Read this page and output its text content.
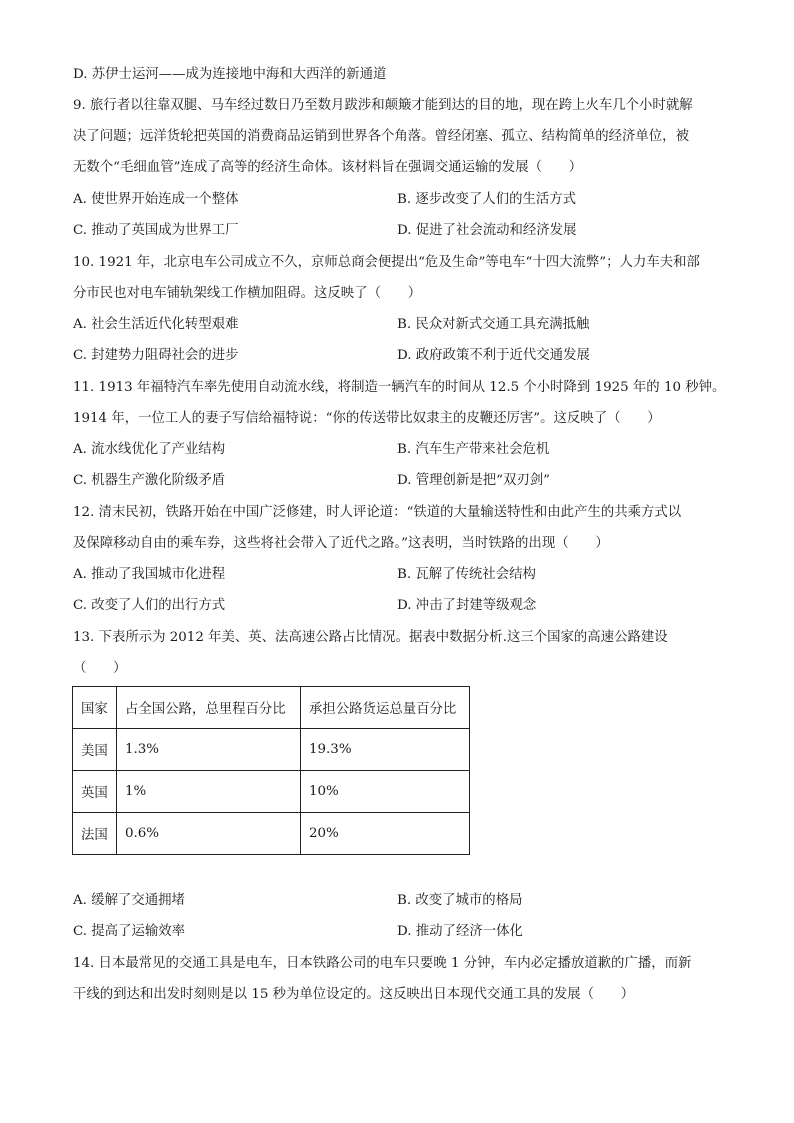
D. 苏伊士运河——成为连接地中海和大西洋的新通道
9. 旅行者以往靠双腿、马车经过数日乃至数月跋涉和颠簸才能到达的目的地，现在跨上火车几个小时就解
决了问题；远洋货轮把英国的消费商品运销到世界各个角落。曾经闭塞、孤立、结构简单的经济单位，被
无数个“毛细血管”连成了高等的经济生命体。该材料旨在强调交通运输的发展（　　）
A. 使世界开始连成一个整体	B. 逐步改变了人们的生活方式
C. 推动了英国成为世界工厂	D. 促进了社会流动和经济发展
10. 1921 年，北京电车公司成立不久，京师总商会便提出“危及生命”等电车“十四大流弊”；人力车夫和部
分市民也对电车铺轨架线工作横加阻碍。这反映了（　　）
A. 社会生活近代化转型艰难	B. 民众对新式交通工具充满抵触
C. 封建势力阻碍社会的进步	D. 政府政策不利于近代交通发展
11. 1913 年福特汽车率先使用自动流水线，将制造一辆汽车的时间从 12.5 个小时降到 1925 年的 10 秒钟。
1914 年，一位工人的妻子写信给福特说：“你的传送带比奴隶主的皮鞭还厉害”。这反映了（　　）
A. 流水线优化了产业结构	B. 汽车生产带来社会危机
C. 机器生产激化阶级矛盾	D. 管理创新是把“双刃剑”
12. 清末民初，铁路开始在中国广泛修建，时人评论道：“铁道的大量输送特性和由此产生的共乘方式以
及保障移动自由的乘车券，这些将社会带入了近代之路。”这表明，当时铁路的出现（　　）
A. 推动了我国城市化进程	B. 瓦解了传统社会结构
C. 改变了人们的出行方式	D. 冲击了封建等级观念
13. 下表所示为 2012 年美、英、法高速公路占比情况。据表中数据分析.这三个国家的高速公路建设
（　　）
国家	占全国公路，总里程百分比	承担公路货运总量百分比
美国	1.3%	19.3%
英国	1%	10%
法国	0.6%	20%
A. 缓解了交通拥堵	B. 改变了城市的格局
C. 提高了运输效率	D. 推动了经济一体化
14. 日本最常见的交通工具是电车，日本铁路公司的电车只要晚 1 分钟，车内必定播放道歉的广播，而新
干线的到达和出发时刻则是以 15 秒为单位设定的。这反映出日本现代交通工具的发展（　　）
